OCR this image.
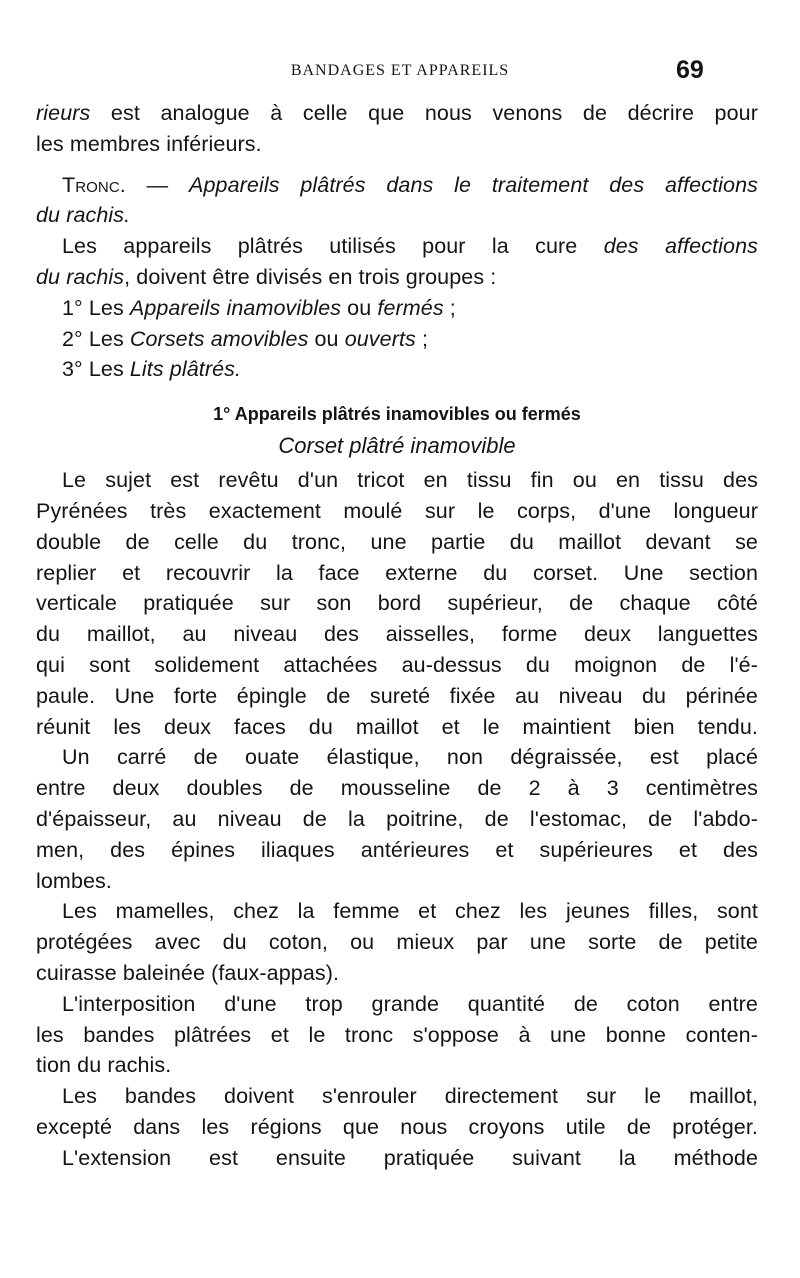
BANDAGES ET APPAREILS	69

rieurs est analogue à celle que nous venons de décrire pour

les membres inférieurs.

Tronc. — Appareils plâtrés dans le traitement des affections

du rachis.

Les appareils plâtrés utilisés pour la cure des affections

du rachis, doivent être divisés en trois groupes :

1° Les Appareils inamovibles ou fermés ;

2° Les Corsets amovibles ou ouverts ;

3° Les Lits plâtrés.

1° Appareils plâtrés inamovibles ou fermés
Corset plâtré inamovible

Le sujet est revêtu d'un tricot en tissu fin ou en tissu des

Pyrénées très exactement moulé sur le corps, d'une longueur

double de celle du tronc, une partie du maillot devant se

replier et recouvrir la face externe du corset. Une section

verticale pratiquée sur son bord supérieur, de chaque côté

du maillot, au niveau des aisselles, forme deux languettes

qui sont solidement attachées au-dessus du moignon de l'é-

paule. Une forte épingle de sureté fixée au niveau du périnée

réunit les deux faces du maillot et le maintient bien tendu.

Un carré de ouate élastique, non dégraissée, est placé

entre deux doubles de mousseline de 2 à 3 centimètres

d'épaisseur, au niveau de la poitrine, de l'estomac, de l'abdo-

men, des épines iliaques antérieures et supérieures et des

lombes.

Les mamelles, chez la femme et chez les jeunes filles, sont

protégées avec du coton, ou mieux par une sorte de petite

cuirasse baleinée (faux-appas).

L'interposition d'une trop grande quantité de coton entre

les bandes plâtrées et le tronc s'oppose à une bonne conten-

tion du rachis.

Les bandes doivent s'enrouler directement sur le maillot,

excepté dans les régions que nous croyons utile de protéger.

L'extension est ensuite pratiquée suivant la méthode
